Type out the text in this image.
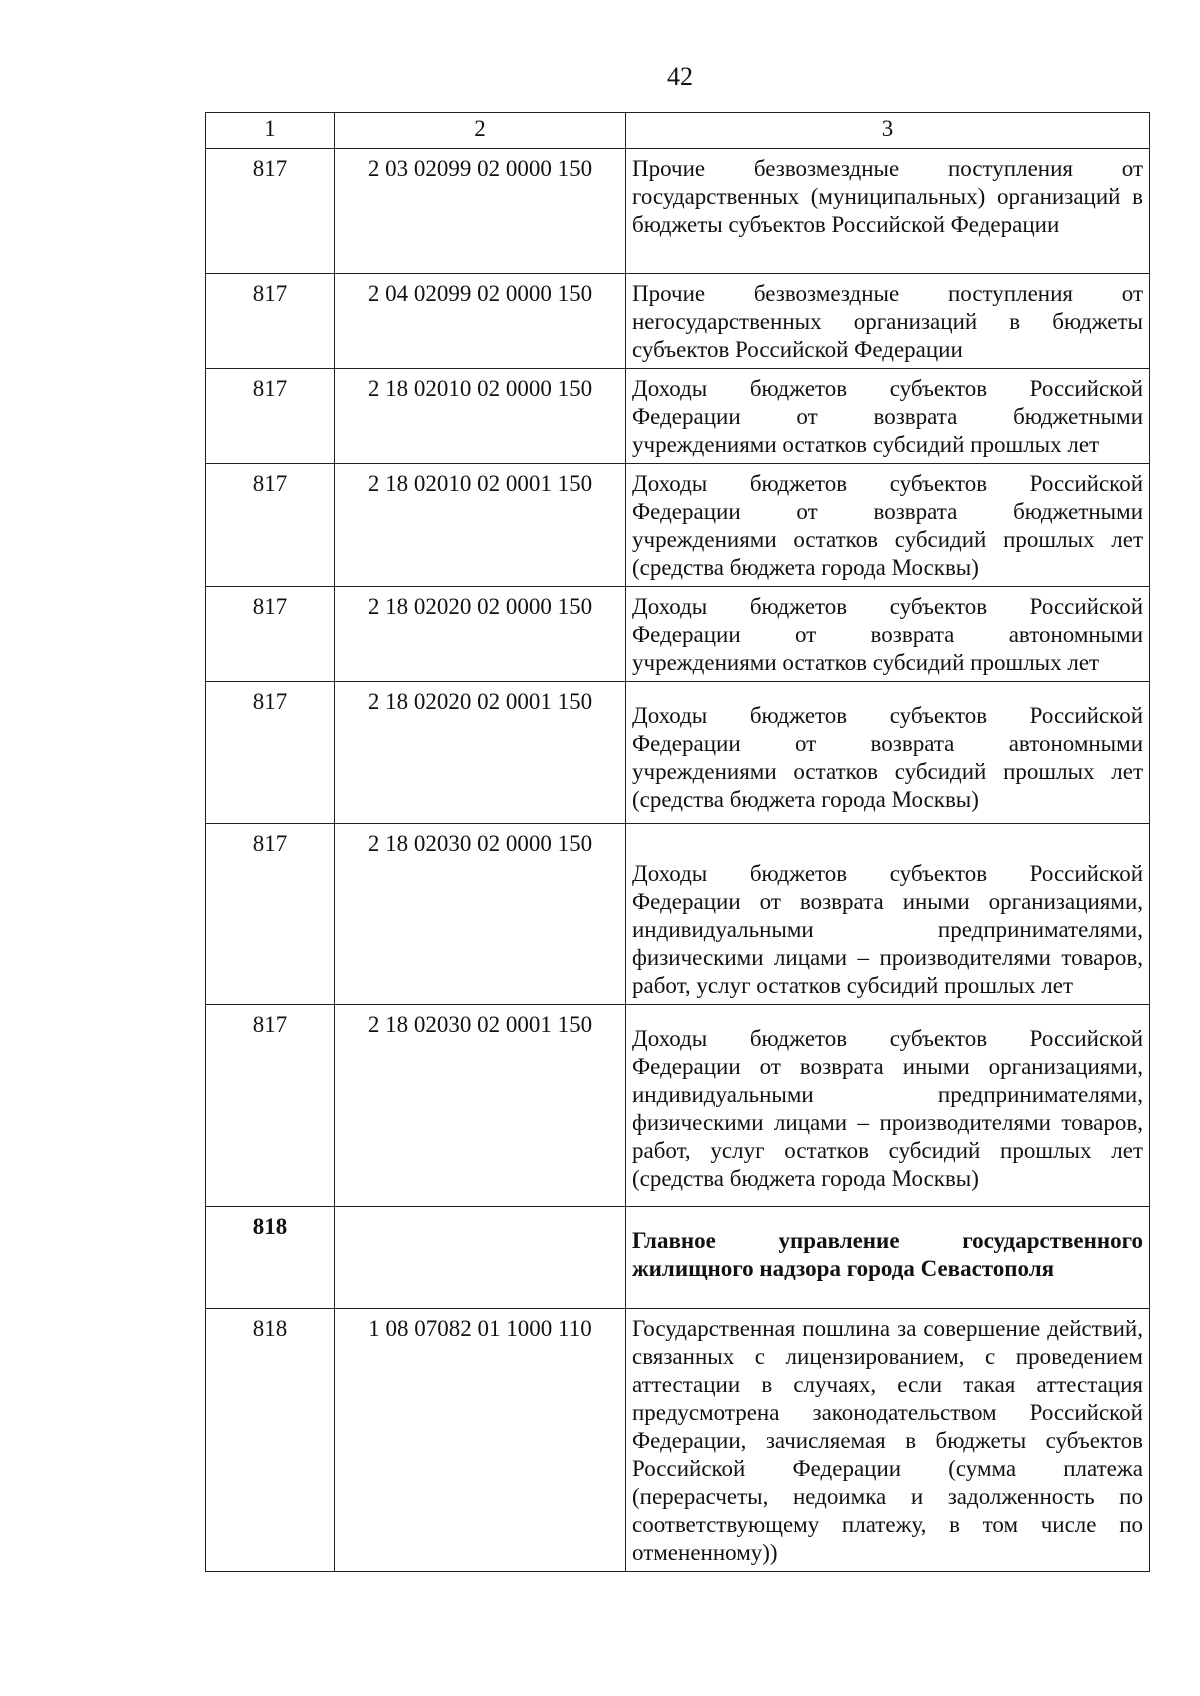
42
1	2	3
817	2 03 02099 02 0000 150	Прочие безвозмездные поступления от государственных (муниципальных) организаций в бюджеты субъектов Российской Федерации

817	2 04 02099 02 0000 150	Прочие безвозмездные поступления от негосударственных организаций в бюджеты субъектов Российской Федерации

817	2 18 02010 02 0000 150	Доходы бюджетов субъектов Российской Федерации от возврата бюджетными учреждениями остатков субсидий прошлых лет

817	2 18 02010 02 0001 150	Доходы бюджетов субъектов Российской Федерации от возврата бюджетными учреждениями остатков субсидий прошлых лет (средства бюджета города Москвы)

817	2 18 02020 02 0000 150	Доходы бюджетов субъектов Российской Федерации от возврата автономными учреждениями остатков субсидий прошлых лет

817	2 18 02020 02 0001 150	Доходы бюджетов субъектов Российской Федерации от возврата автономными учреждениями остатков субсидий прошлых лет (средства бюджета города Москвы)

817	2 18 02030 02 0000 150	Доходы бюджетов субъектов Российской Федерации от возврата иными организациями, индивидуальными предпринимателями, физическими лицами – производителями товаров, работ, услуг остатков субсидий прошлых лет

817	2 18 02030 02 0001 150	Доходы бюджетов субъектов Российской Федерации от возврата иными организациями, индивидуальными предпринимателями, физическими лицами – производителями товаров, работ, услуг остатков субсидий прошлых лет (средства бюджета города Москвы)

818		Главное управление государственного жилищного надзора города Севастополя

818	1 08 07082 01 1000 110	Государственная пошлина за совершение действий, связанных с лицензированием, с проведением аттестации в случаях, если такая аттестация предусмотрена законодательством Российской Федерации, зачисляемая в бюджеты субъектов Российской Федерации (сумма платежа (перерасчеты, недоимка и задолженность по соответствующему платежу, в том числе по отмененному))
